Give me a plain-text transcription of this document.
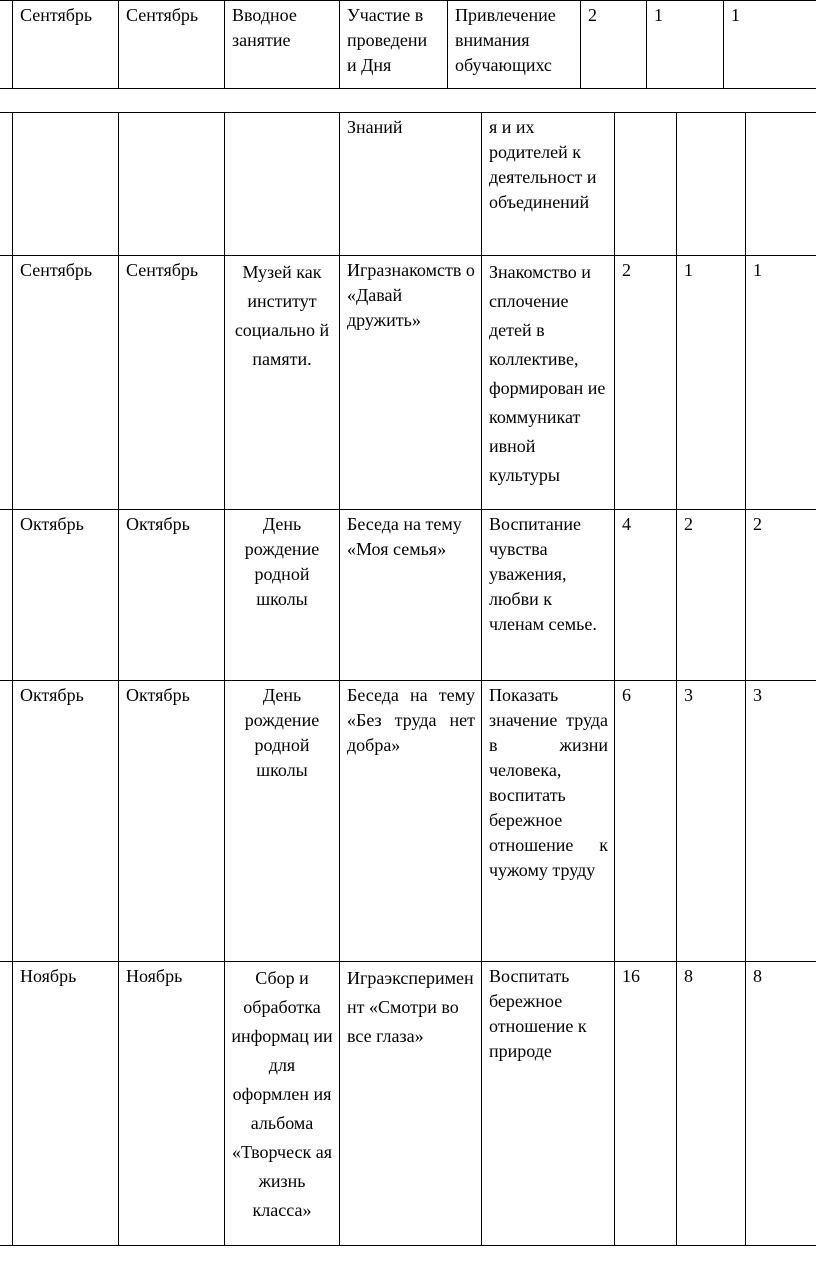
	Сентябрь	Сентябрь	Вводное занятие	Участие в проведени и Дня	Привлечение внимания обучающихс	2	1	1
				Знаний	я и их родителей к деятельност и объединений			
	Сентябрь	Сентябрь	Музей как институт социально й памяти.	Игразнакомств о «Давай дружить»	Знакомство и сплочение детей в коллективе, формирован ие коммуникат ивной культуры	2	1	1
	Октябрь	Октябрь	День рождение родной школы	Беседа на тему «Моя семья»	Воспитание чувства уважения, любви к членам семье.	4	2	2
	Октябрь	Октябрь	День рождение родной школы	Беседа на тему «Без труда нет добра»	Показать значение труда в жизни человека, воспитать бережное отношение к чужому труду	6	3	3
	Ноябрь	Ноябрь	Сбор и обработка информац ии для оформлен ия альбома «Творческ ая жизнь класса»	Играэксперименнт «Смотри во все глаза»	Воспитать бережное отношение к природе	16	8	8
